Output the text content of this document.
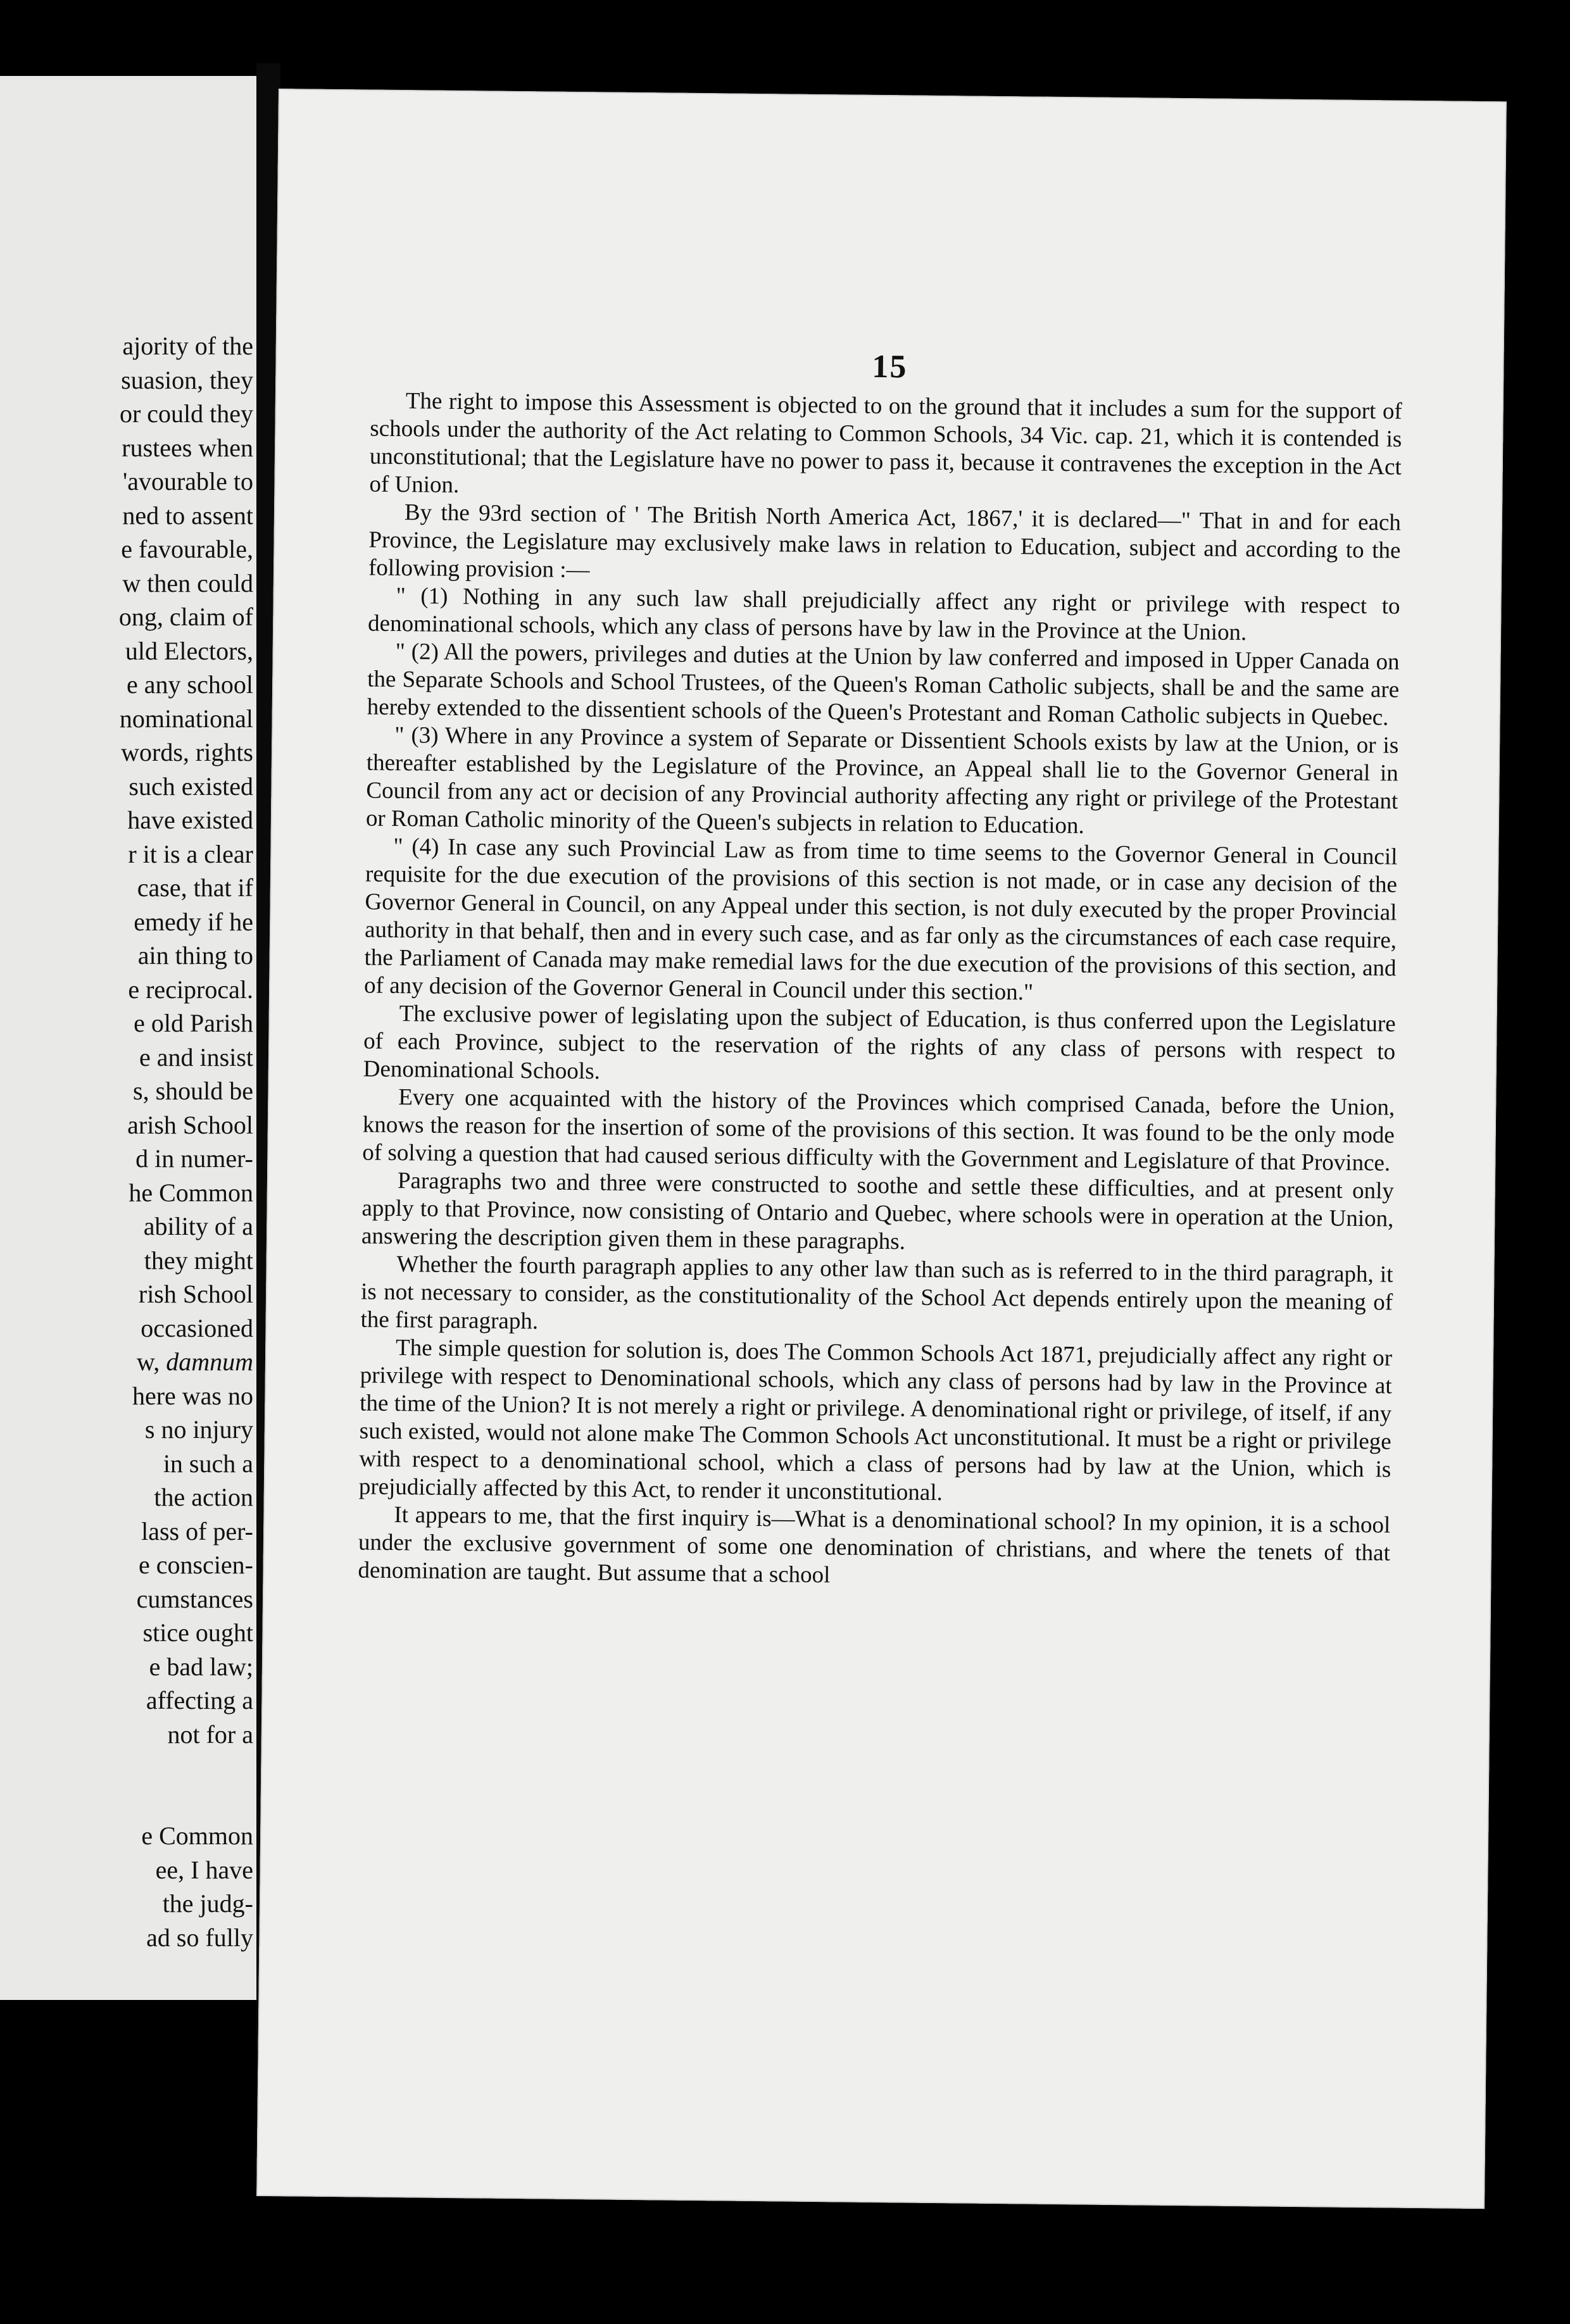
ajority of the
suasion, they
or could they
rustees when
'avourable to
ned to assent
e favourable,
w then could
ong, claim of
uld Electors,
e any school
nominational
words, rights
such existed
have existed
r it is a clear
case, that if
emedy if he
ain thing to
e reciprocal.
e old Parish
e and insist
s, should be
arish School
d in numer-
he Common
ability of a
they might
rish School
occasioned
w, damnum
here was no
s no injury
in such a
the action
lass of per-
e conscien-
cumstances
stice ought
e bad law;
affecting a
not for a
e Common
ee, I have
the judg-
ad so fully
15

The right to impose this Assessment is objected to on the ground that it includes a sum for the support of schools under the authority of the Act relating to Common Schools, 34 Vic. cap. 21, which it is contended is unconstitutional; that the Legislature have no power to pass it, because it contravenes the exception in the Act of Union.

By the 93rd section of ' The British North America Act, 1867,' it is declared—" That in and for each Province, the Legislature may exclusively make laws in relation to Education, subject and according to the following provision :—

" (1) Nothing in any such law shall prejudicially affect any right or privilege with respect to denominational schools, which any class of persons have by law in the Province at the Union.

" (2) All the powers, privileges and duties at the Union by law conferred and imposed in Upper Canada on the Separate Schools and School Trustees, of the Queen's Roman Catholic subjects, shall be and the same are hereby extended to the dissentient schools of the Queen's Protestant and Roman Catholic subjects in Quebec.

" (3) Where in any Province a system of Separate or Dissentient Schools exists by law at the Union, or is thereafter established by the Legislature of the Province, an Appeal shall lie to the Governor General in Council from any act or decision of any Provincial authority affecting any right or privilege of the Protestant or Roman Catholic minority of the Queen's subjects in relation to Education.

" (4) In case any such Provincial Law as from time to time seems to the Governor General in Council requisite for the due execution of the provisions of this section is not made, or in case any decision of the Governor General in Council, on any Appeal under this section, is not duly executed by the proper Provincial authority in that behalf, then and in every such case, and as far only as the circumstances of each case require, the Parliament of Canada may make remedial laws for the due execution of the provisions of this section, and of any decision of the Governor General in Council under this section."

The exclusive power of legislating upon the subject of Education, is thus conferred upon the Legislature of each Province, subject to the reservation of the rights of any class of persons with respect to Denominational Schools.

Every one acquainted with the history of the Provinces which comprised Canada, before the Union, knows the reason for the insertion of some of the provisions of this section. It was found to be the only mode of solving a question that had caused serious difficulty with the Government and Legislature of that Province.

Paragraphs two and three were constructed to soothe and settle these difficulties, and at present only apply to that Province, now consisting of Ontario and Quebec, where schools were in operation at the Union, answering the description given them in these paragraphs.

Whether the fourth paragraph applies to any other law than such as is referred to in the third paragraph, it is not necessary to consider, as the constitutionality of the School Act depends entirely upon the meaning of the first paragraph.

The simple question for solution is, does The Common Schools Act 1871, prejudicially affect any right or privilege with respect to Denominational schools, which any class of persons had by law in the Province at the time of the Union? It is not merely a right or privilege. A denominational right or privilege, of itself, if any such existed, would not alone make The Common Schools Act unconstitutional. It must be a right or privilege with respect to a denominational school, which a class of persons had by law at the Union, which is prejudicially affected by this Act, to render it unconstitutional.

It appears to me, that the first inquiry is—What is a denominational school? In my opinion, it is a school under the exclusive government of some one denomination of christians, and where the tenets of that denomination are taught. But assume that a school
